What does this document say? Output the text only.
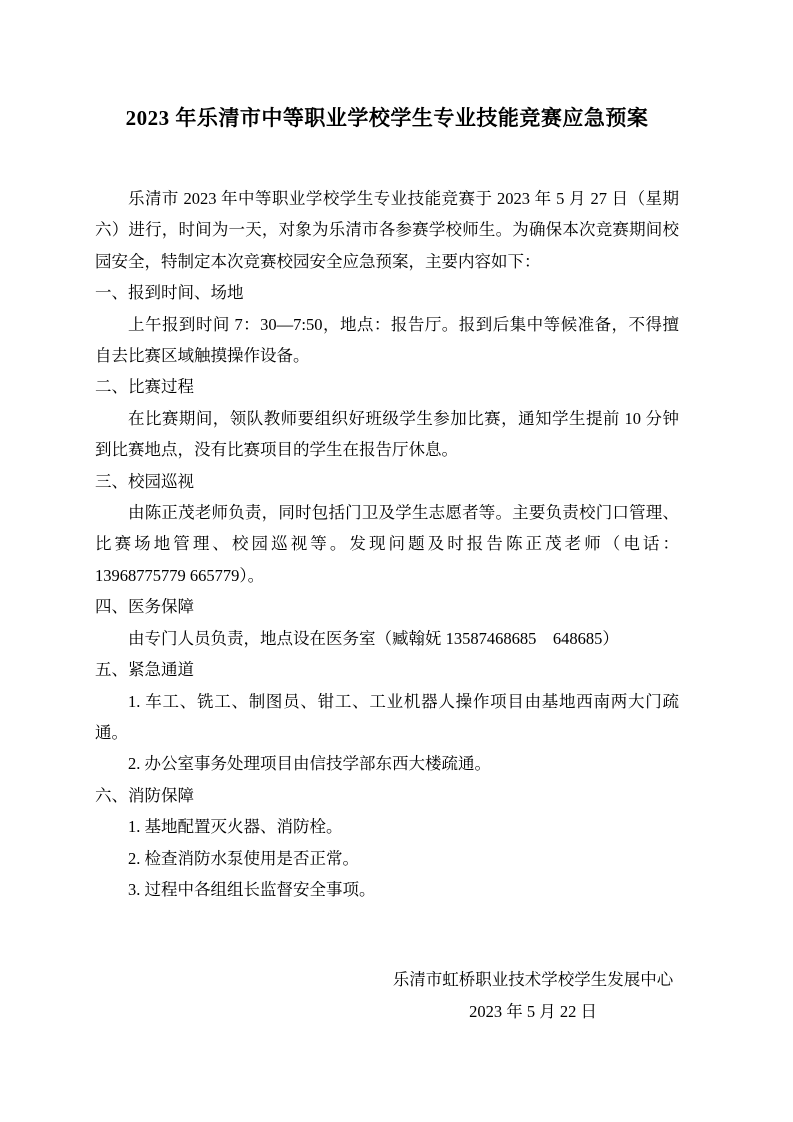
2023 年乐清市中等职业学校学生专业技能竞赛应急预案

乐清市 2023 年中等职业学校学生专业技能竞赛于 2023 年 5 月 27 日（星期六）进行，时间为一天，对象为乐清市各参赛学校师生。为确保本次竞赛期间校园安全，特制定本次竞赛校园安全应急预案，主要内容如下：

一、报到时间、场地

上午报到时间 7：30—7:50，地点：报告厅。报到后集中等候准备，不得擅自去比赛区域触摸操作设备。

二、比赛过程

在比赛期间，领队教师要组织好班级学生参加比赛，通知学生提前 10 分钟到比赛地点，没有比赛项目的学生在报告厅休息。

三、校园巡视

由陈正茂老师负责，同时包括门卫及学生志愿者等。主要负责校门口管理、比赛场地管理、校园巡视等。发现问题及时报告陈正茂老师（电话：13968775779 665779）。

四、医务保障

由专门人员负责，地点设在医务室（臧翰妩 13587468685　648685）

五、紧急通道

1. 车工、铣工、制图员、钳工、工业机器人操作项目由基地西南两大门疏通。

2. 办公室事务处理项目由信技学部东西大楼疏通。

六、消防保障

1. 基地配置灭火器、消防栓。

2. 检查消防水泵使用是否正常。

3. 过程中各组组长监督安全事项。

乐清市虹桥职业技术学校学生发展中心

2023 年 5 月 22 日
